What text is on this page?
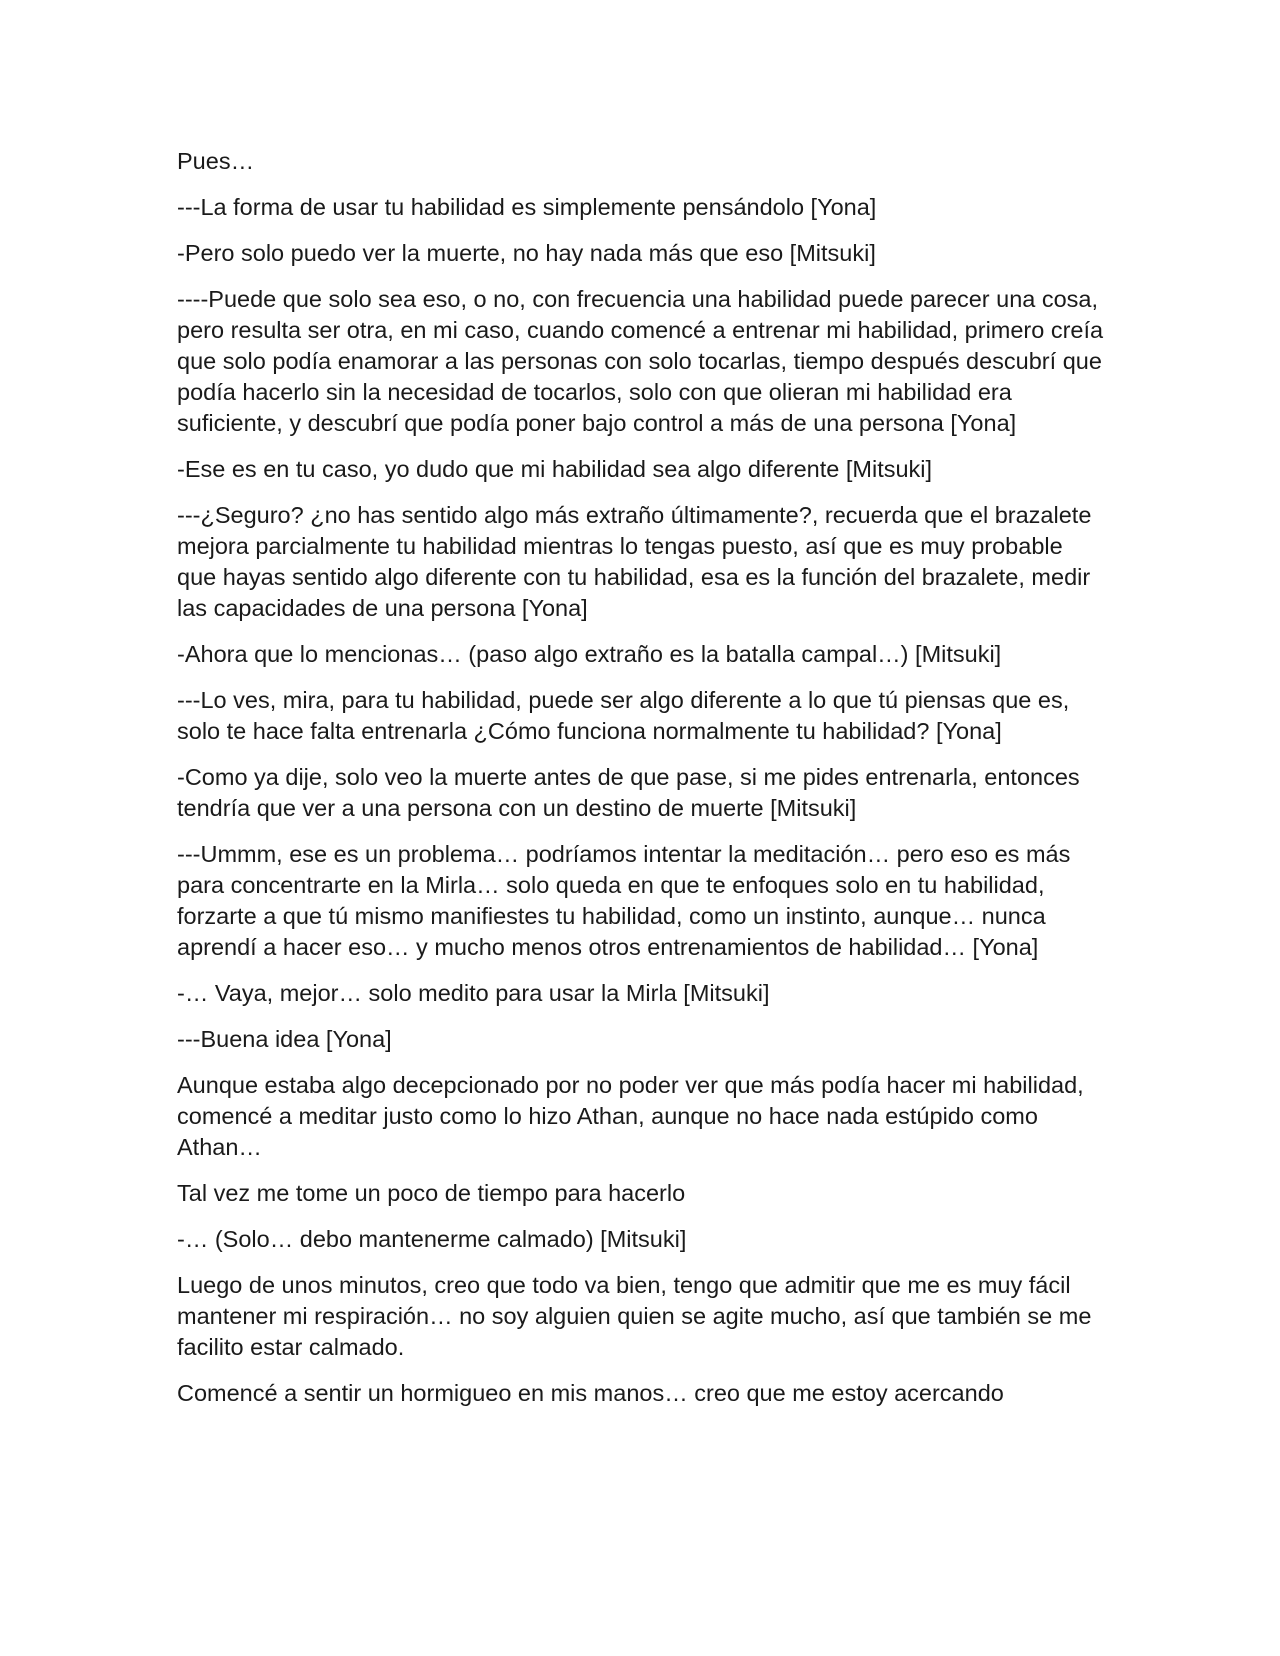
Pues…

---La forma de usar tu habilidad es simplemente pensándolo [Yona]

-Pero solo puedo ver la muerte, no hay nada más que eso [Mitsuki]

----Puede que solo sea eso, o no, con frecuencia una habilidad puede parecer una cosa, pero resulta ser otra, en mi caso, cuando comencé a entrenar mi habilidad, primero creía que solo podía enamorar a las personas con solo tocarlas, tiempo después descubrí que podía hacerlo sin la necesidad de tocarlos, solo con que olieran mi habilidad era suficiente, y descubrí que podía poner bajo control a más de una persona [Yona]

-Ese es en tu caso, yo dudo que mi habilidad sea algo diferente [Mitsuki]

---¿Seguro? ¿no has sentido algo más extraño últimamente?, recuerda que el brazalete mejora parcialmente tu habilidad mientras lo tengas puesto, así que es muy probable que hayas sentido algo diferente con tu habilidad, esa es la función del brazalete, medir las capacidades de una persona [Yona]

-Ahora que lo mencionas… (paso algo extraño es la batalla campal…) [Mitsuki]

---Lo ves, mira, para tu habilidad, puede ser algo diferente a lo que tú piensas que es, solo te hace falta entrenarla ¿Cómo funciona normalmente tu habilidad? [Yona]

-Como ya dije, solo veo la muerte antes de que pase, si me pides entrenarla, entonces tendría que ver a una persona con un destino de muerte [Mitsuki]

---Ummm, ese es un problema… podríamos intentar la meditación… pero eso es más para concentrarte en la Mirla… solo queda en que te enfoques solo en tu habilidad, forzarte a que tú mismo manifiestes tu habilidad, como un instinto, aunque… nunca aprendí a hacer eso… y mucho menos otros entrenamientos de habilidad… [Yona]

-… Vaya, mejor… solo medito para usar la Mirla [Mitsuki]

---Buena idea [Yona]

Aunque estaba algo decepcionado por no poder ver que más podía hacer mi habilidad, comencé a meditar justo como lo hizo Athan, aunque no hace nada estúpido como Athan…

Tal vez me tome un poco de tiempo para hacerlo

-… (Solo… debo mantenerme calmado) [Mitsuki]

Luego de unos minutos, creo que todo va bien, tengo que admitir que me es muy fácil mantener mi respiración… no soy alguien quien se agite mucho, así que también se me facilito estar calmado.

Comencé a sentir un hormigueo en mis manos… creo que me estoy acercando
